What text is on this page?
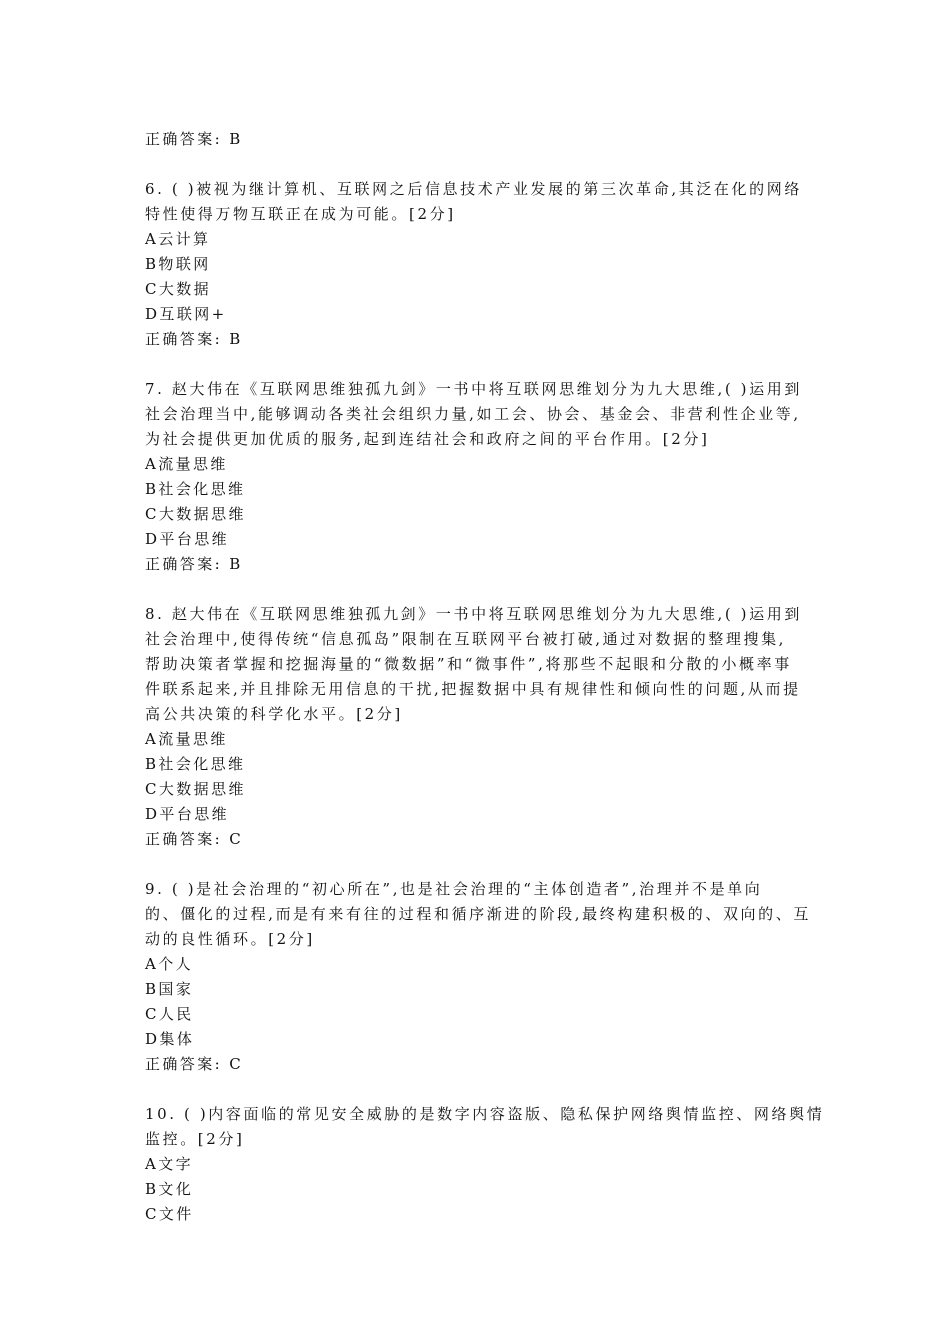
正确答案: B
6. ( )被视为继计算机、互联网之后信息技术产业发展的第三次革命,其泛在化的网络
特性使得万物互联正在成为可能。[2分]
A云计算
B物联网
C大数据
D互联网+
正确答案: B
7. 赵大伟在《互联网思维独孤九剑》一书中将互联网思维划分为九大思维,( )运用到
社会治理当中,能够调动各类社会组织力量,如工会、协会、基金会、非营利性企业等,
为社会提供更加优质的服务,起到连结社会和政府之间的平台作用。[2分]
A流量思维
B社会化思维
C大数据思维
D平台思维
正确答案: B
8. 赵大伟在《互联网思维独孤九剑》一书中将互联网思维划分为九大思维,( )运用到
社会治理中,使得传统“信息孤岛”限制在互联网平台被打破,通过对数据的整理搜集,
帮助决策者掌握和挖掘海量的“微数据”和“微事件”,将那些不起眼和分散的小概率事
件联系起来,并且排除无用信息的干扰,把握数据中具有规律性和倾向性的问题,从而提
高公共决策的科学化水平。[2分]
A流量思维
B社会化思维
C大数据思维
D平台思维
正确答案: C
9. ( )是社会治理的“初心所在”,也是社会治理的“主体创造者”,治理并不是单向
的、僵化的过程,而是有来有往的过程和循序渐进的阶段,最终构建积极的、双向的、互
动的良性循环。[2分]
A个人
B国家
C人民
D集体
正确答案: C
10. ( )内容面临的常见安全威胁的是数字内容盗版、隐私保护网络舆情监控、网络舆情
监控。[2分]
A文字
B文化
C文件
